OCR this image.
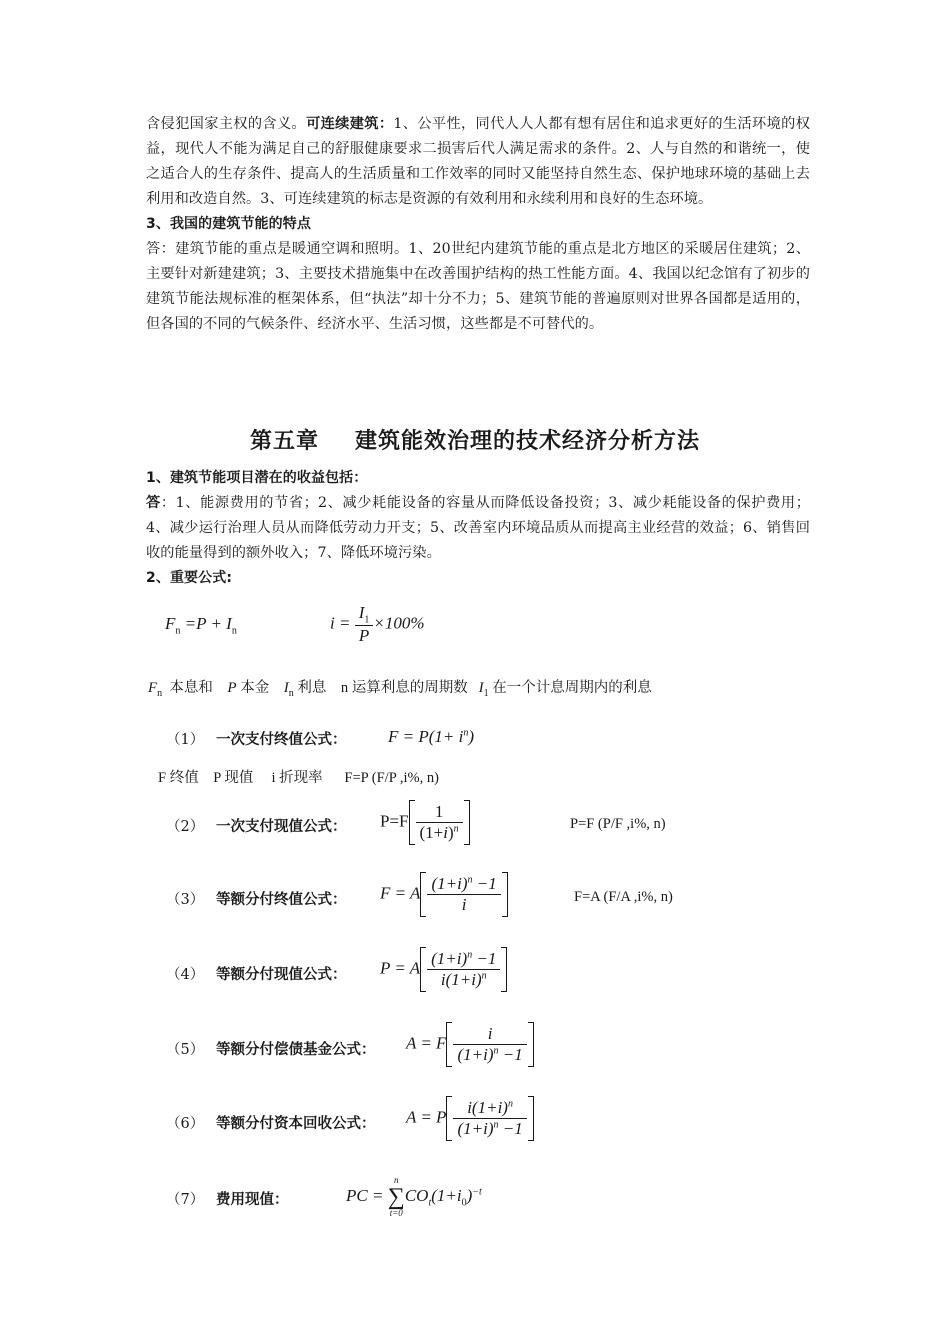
含侵犯国家主权的含义。可连续建筑：1、公平性，同代人人人都有想有居住和追求更好的生活环境的权益，现代人不能为满足自己的舒服健康要求二损害后代人满足需求的条件。2、人与自然的和谐统一，使之适合人的生存条件、提高人的生活质量和工作效率的同时又能坚持自然生态、保护地球环境的基础上去利用和改造自然。3、可连续建筑的标志是资源的有效利用和永续利用和良好的生态环境。

3、我国的建筑节能的特点

答：建筑节能的重点是暖通空调和照明。1、20世纪内建筑节能的重点是北方地区的采暖居住建筑；2、主要针对新建建筑；3、主要技术措施集中在改善围护结构的热工性能方面。4、我国以纪念馆有了初步的建筑节能法规标准的框架体系，但“执法”却十分不力；5、建筑节能的普遍原则对世界各国都是适用的，但各国的不同的气候条件、经济水平、生活习惯，这些都是不可替代的。

第五章 建筑能效治理的技术经济分析方法

1、建筑节能项目潜在的收益包括：

答：1、能源费用的节省；2、减少耗能设备的容量从而降低设备投资；3、减少耗能设备的保护费用；4、减少运行治理人员从而降低劳动力开支；5、改善室内环境品质从而提高主业经营的效益；6、销售回收的能量得到的额外收入；7、降低环境污染。

2、重要公式:

$F_n =P + I_n$	$i = \frac{I_1}{P} \times 100\%$
$F_n$ 本息和 P 本金 $I_n$ 利息 n 运算利息的周期数 $I_1$ 在一个计息周期内的利息
（1） 一次支付终值公式： $F = P(1+ i^n)$
F 终值 P 现值 i 折现率 F=P (F/P ,i%, n)
（2） 一次支付现值公式： $P=F \frac{1}{(1+i)^n}$	P=F (P/F ,i%, n)
（3） 等额分付终值公式： F = A $\frac{(1+i)^n -1}{i}$	F=A (F/A ,i%, n)
（4） 等额分付现值公式： P = A $\frac{(1+i)^n -1}{i(1+i)^n}$
（5） 等额分付偿债基金公式： A = F $\frac{i}{(1+i)^n -1}$
（6） 等额分付资本回收公式： A = P $\frac{i(1+i)^n}{(1+i)^n -1}$
（7） 费用现值：	PC =
n
∑
t=0
$CO_t(1+i_0)^{-t}$
